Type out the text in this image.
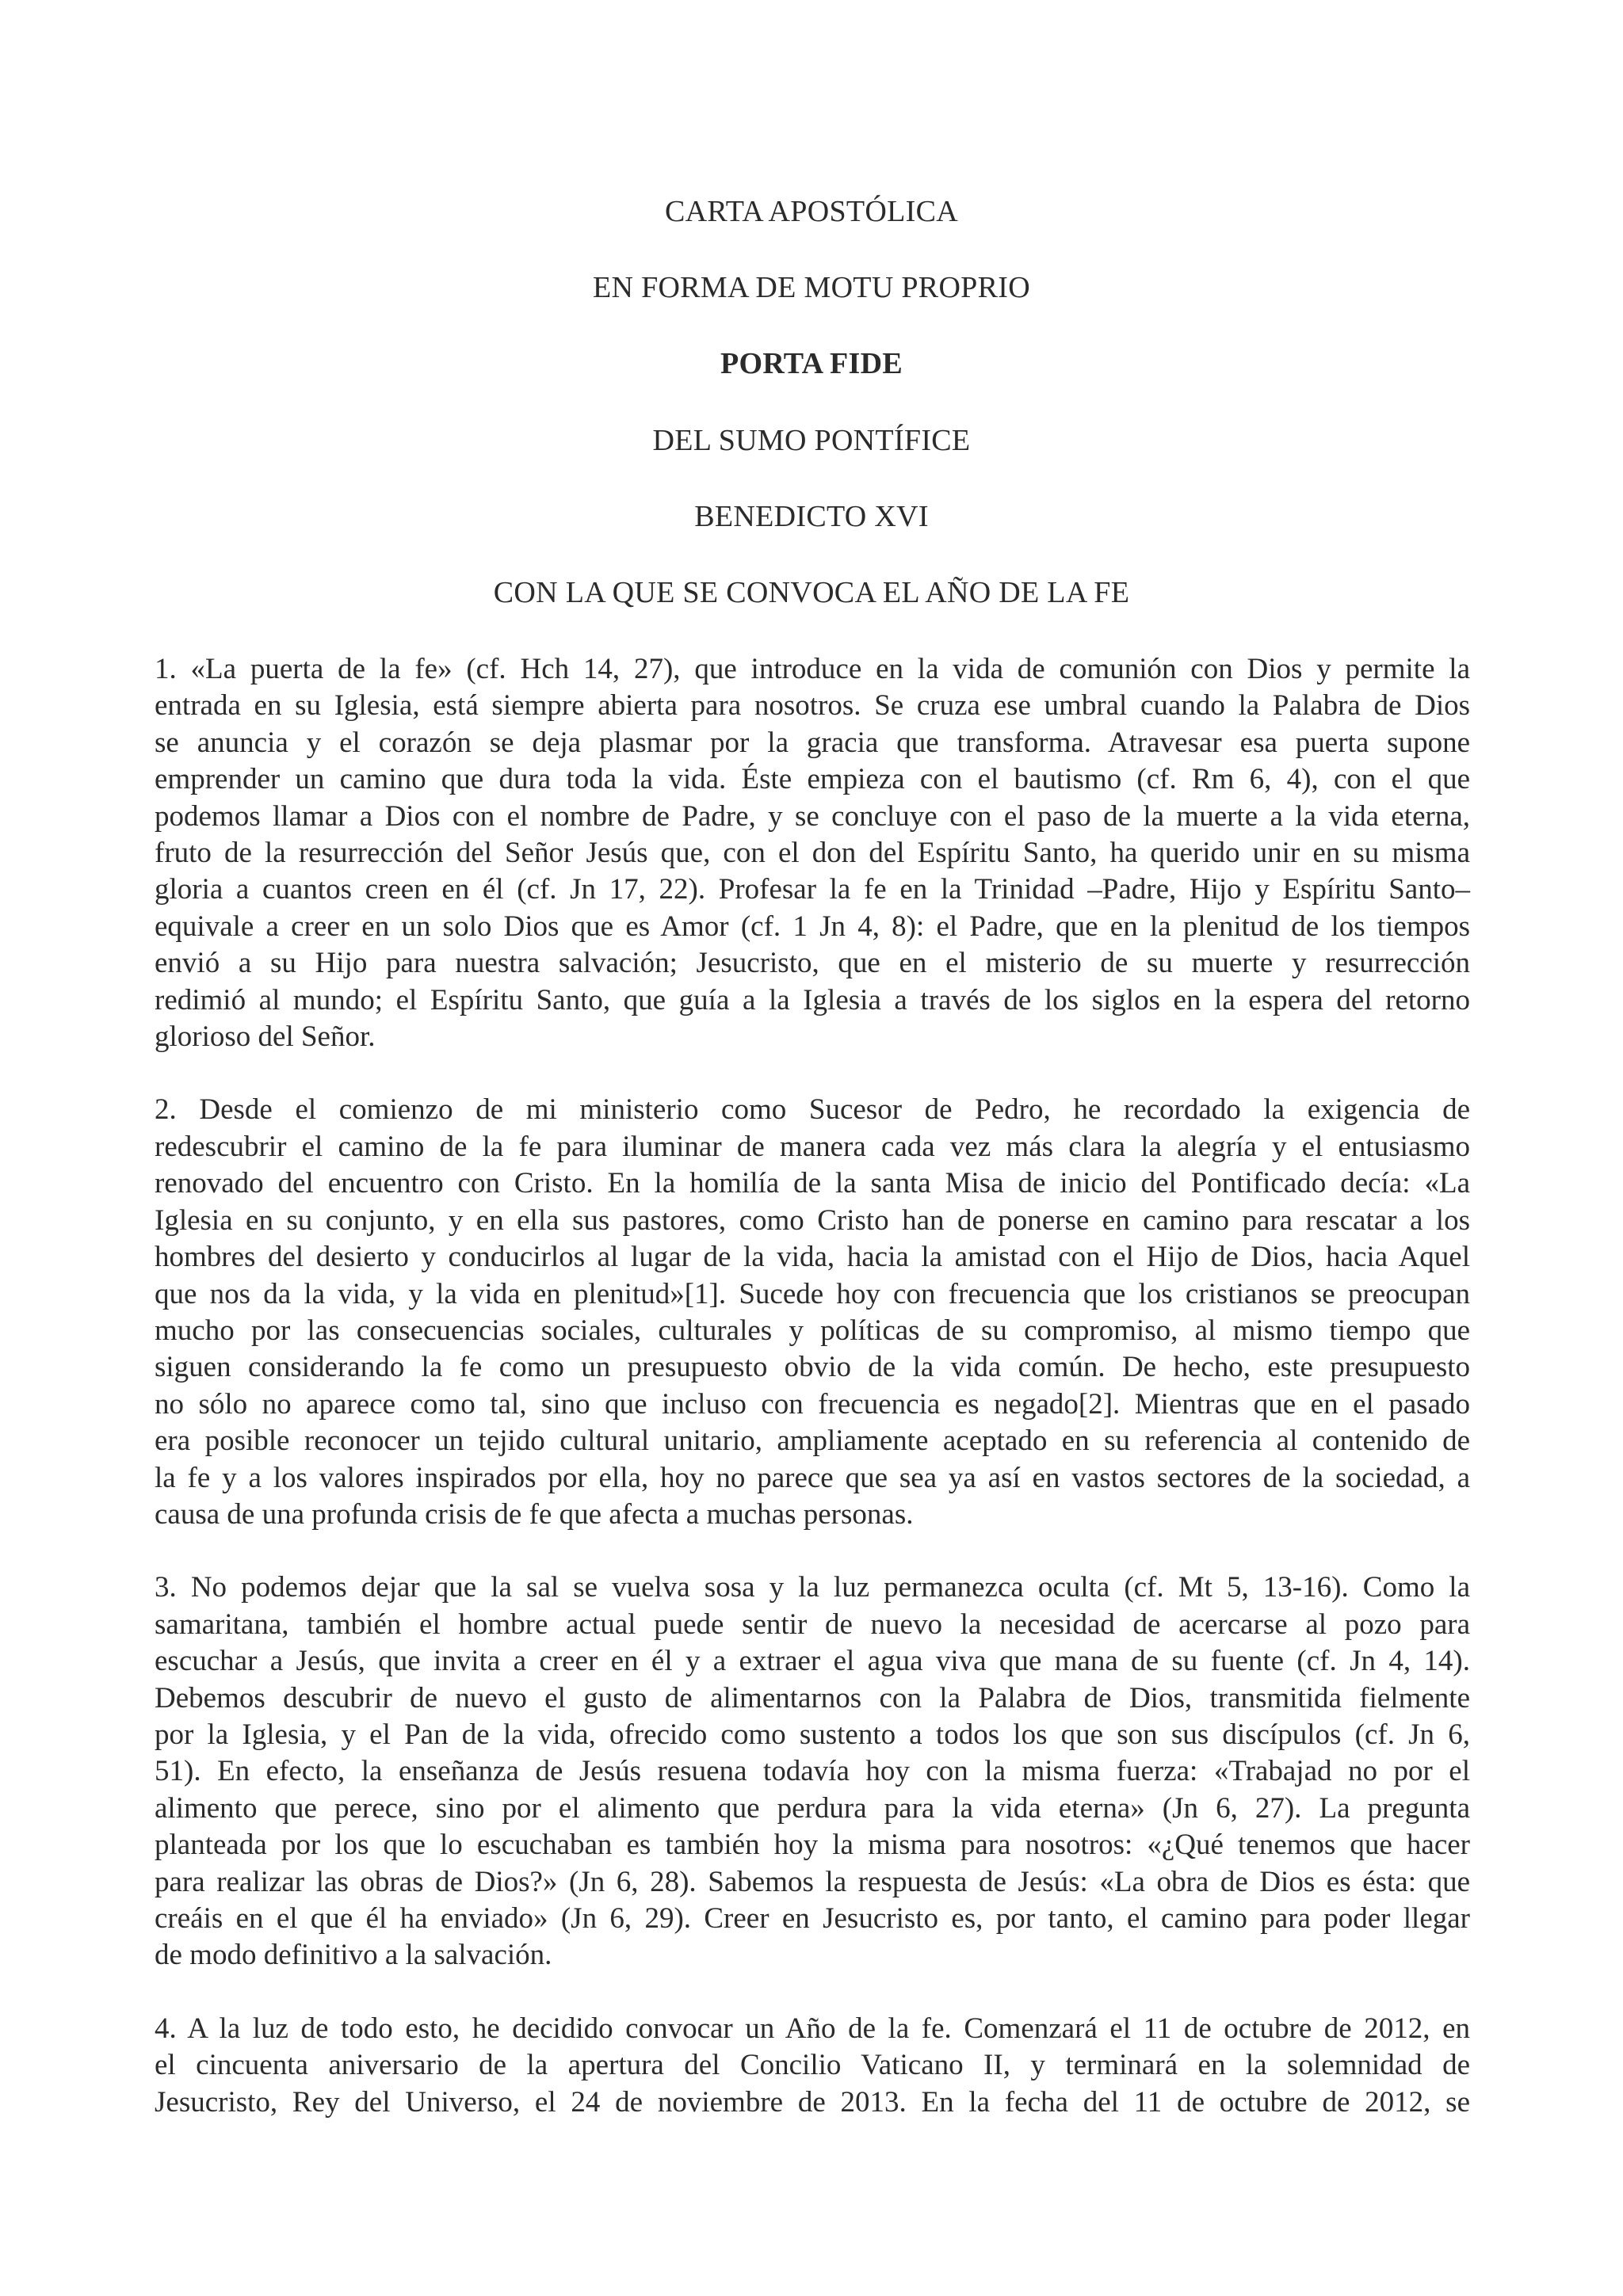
CARTA APOSTÓLICA
EN FORMA DE MOTU PROPRIO
PORTA FIDE
DEL SUMO PONTÍFICE
BENEDICTO XVI
CON LA QUE SE CONVOCA EL AÑO DE LA FE

1. «La puerta de la fe» (cf. Hch 14, 27), que introduce en la vida de comunión con Dios y permite la
entrada en su Iglesia, está siempre abierta para nosotros. Se cruza ese umbral cuando la Palabra de Dios
se anuncia y el corazón se deja plasmar por la gracia que transforma. Atravesar esa puerta supone
emprender un camino que dura toda la vida. Éste empieza con el bautismo (cf. Rm 6, 4), con el que
podemos llamar a Dios con el nombre de Padre, y se concluye con el paso de la muerte a la vida eterna,
fruto de la resurrección del Señor Jesús que, con el don del Espíritu Santo, ha querido unir en su misma
gloria a cuantos creen en él (cf. Jn 17, 22). Profesar la fe en la Trinidad –Padre, Hijo y Espíritu Santo–
equivale a creer en un solo Dios que es Amor (cf. 1 Jn 4, 8): el Padre, que en la plenitud de los tiempos
envió a su Hijo para nuestra salvación; Jesucristo, que en el misterio de su muerte y resurrección
redimió al mundo; el Espíritu Santo, que guía a la Iglesia a través de los siglos en la espera del retorno
glorioso del Señor.

2. Desde el comienzo de mi ministerio como Sucesor de Pedro, he recordado la exigencia de
redescubrir el camino de la fe para iluminar de manera cada vez más clara la alegría y el entusiasmo
renovado del encuentro con Cristo. En la homilía de la santa Misa de inicio del Pontificado decía: «La
Iglesia en su conjunto, y en ella sus pastores, como Cristo han de ponerse en camino para rescatar a los
hombres del desierto y conducirlos al lugar de la vida, hacia la amistad con el Hijo de Dios, hacia Aquel
que nos da la vida, y la vida en plenitud»[1]. Sucede hoy con frecuencia que los cristianos se preocupan
mucho por las consecuencias sociales, culturales y políticas de su compromiso, al mismo tiempo que
siguen considerando la fe como un presupuesto obvio de la vida común. De hecho, este presupuesto
no sólo no aparece como tal, sino que incluso con frecuencia es negado[2]. Mientras que en el pasado
era posible reconocer un tejido cultural unitario, ampliamente aceptado en su referencia al contenido de
la fe y a los valores inspirados por ella, hoy no parece que sea ya así en vastos sectores de la sociedad, a
causa de una profunda crisis de fe que afecta a muchas personas.

3. No podemos dejar que la sal se vuelva sosa y la luz permanezca oculta (cf. Mt 5, 13-16). Como la
samaritana, también el hombre actual puede sentir de nuevo la necesidad de acercarse al pozo para
escuchar a Jesús, que invita a creer en él y a extraer el agua viva que mana de su fuente (cf. Jn 4, 14).
Debemos descubrir de nuevo el gusto de alimentarnos con la Palabra de Dios, transmitida fielmente
por la Iglesia, y el Pan de la vida, ofrecido como sustento a todos los que son sus discípulos (cf. Jn 6,
51). En efecto, la enseñanza de Jesús resuena todavía hoy con la misma fuerza: «Trabajad no por el
alimento que perece, sino por el alimento que perdura para la vida eterna» (Jn 6, 27). La pregunta
planteada por los que lo escuchaban es también hoy la misma para nosotros: «¿Qué tenemos que hacer
para realizar las obras de Dios?» (Jn 6, 28). Sabemos la respuesta de Jesús: «La obra de Dios es ésta: que
creáis en el que él ha enviado» (Jn 6, 29). Creer en Jesucristo es, por tanto, el camino para poder llegar
de modo definitivo a la salvación.

4. A la luz de todo esto, he decidido convocar un Año de la fe. Comenzará el 11 de octubre de 2012, en
el cincuenta aniversario de la apertura del Concilio Vaticano II, y terminará en la solemnidad de
Jesucristo, Rey del Universo, el 24 de noviembre de 2013. En la fecha del 11 de octubre de 2012, se
